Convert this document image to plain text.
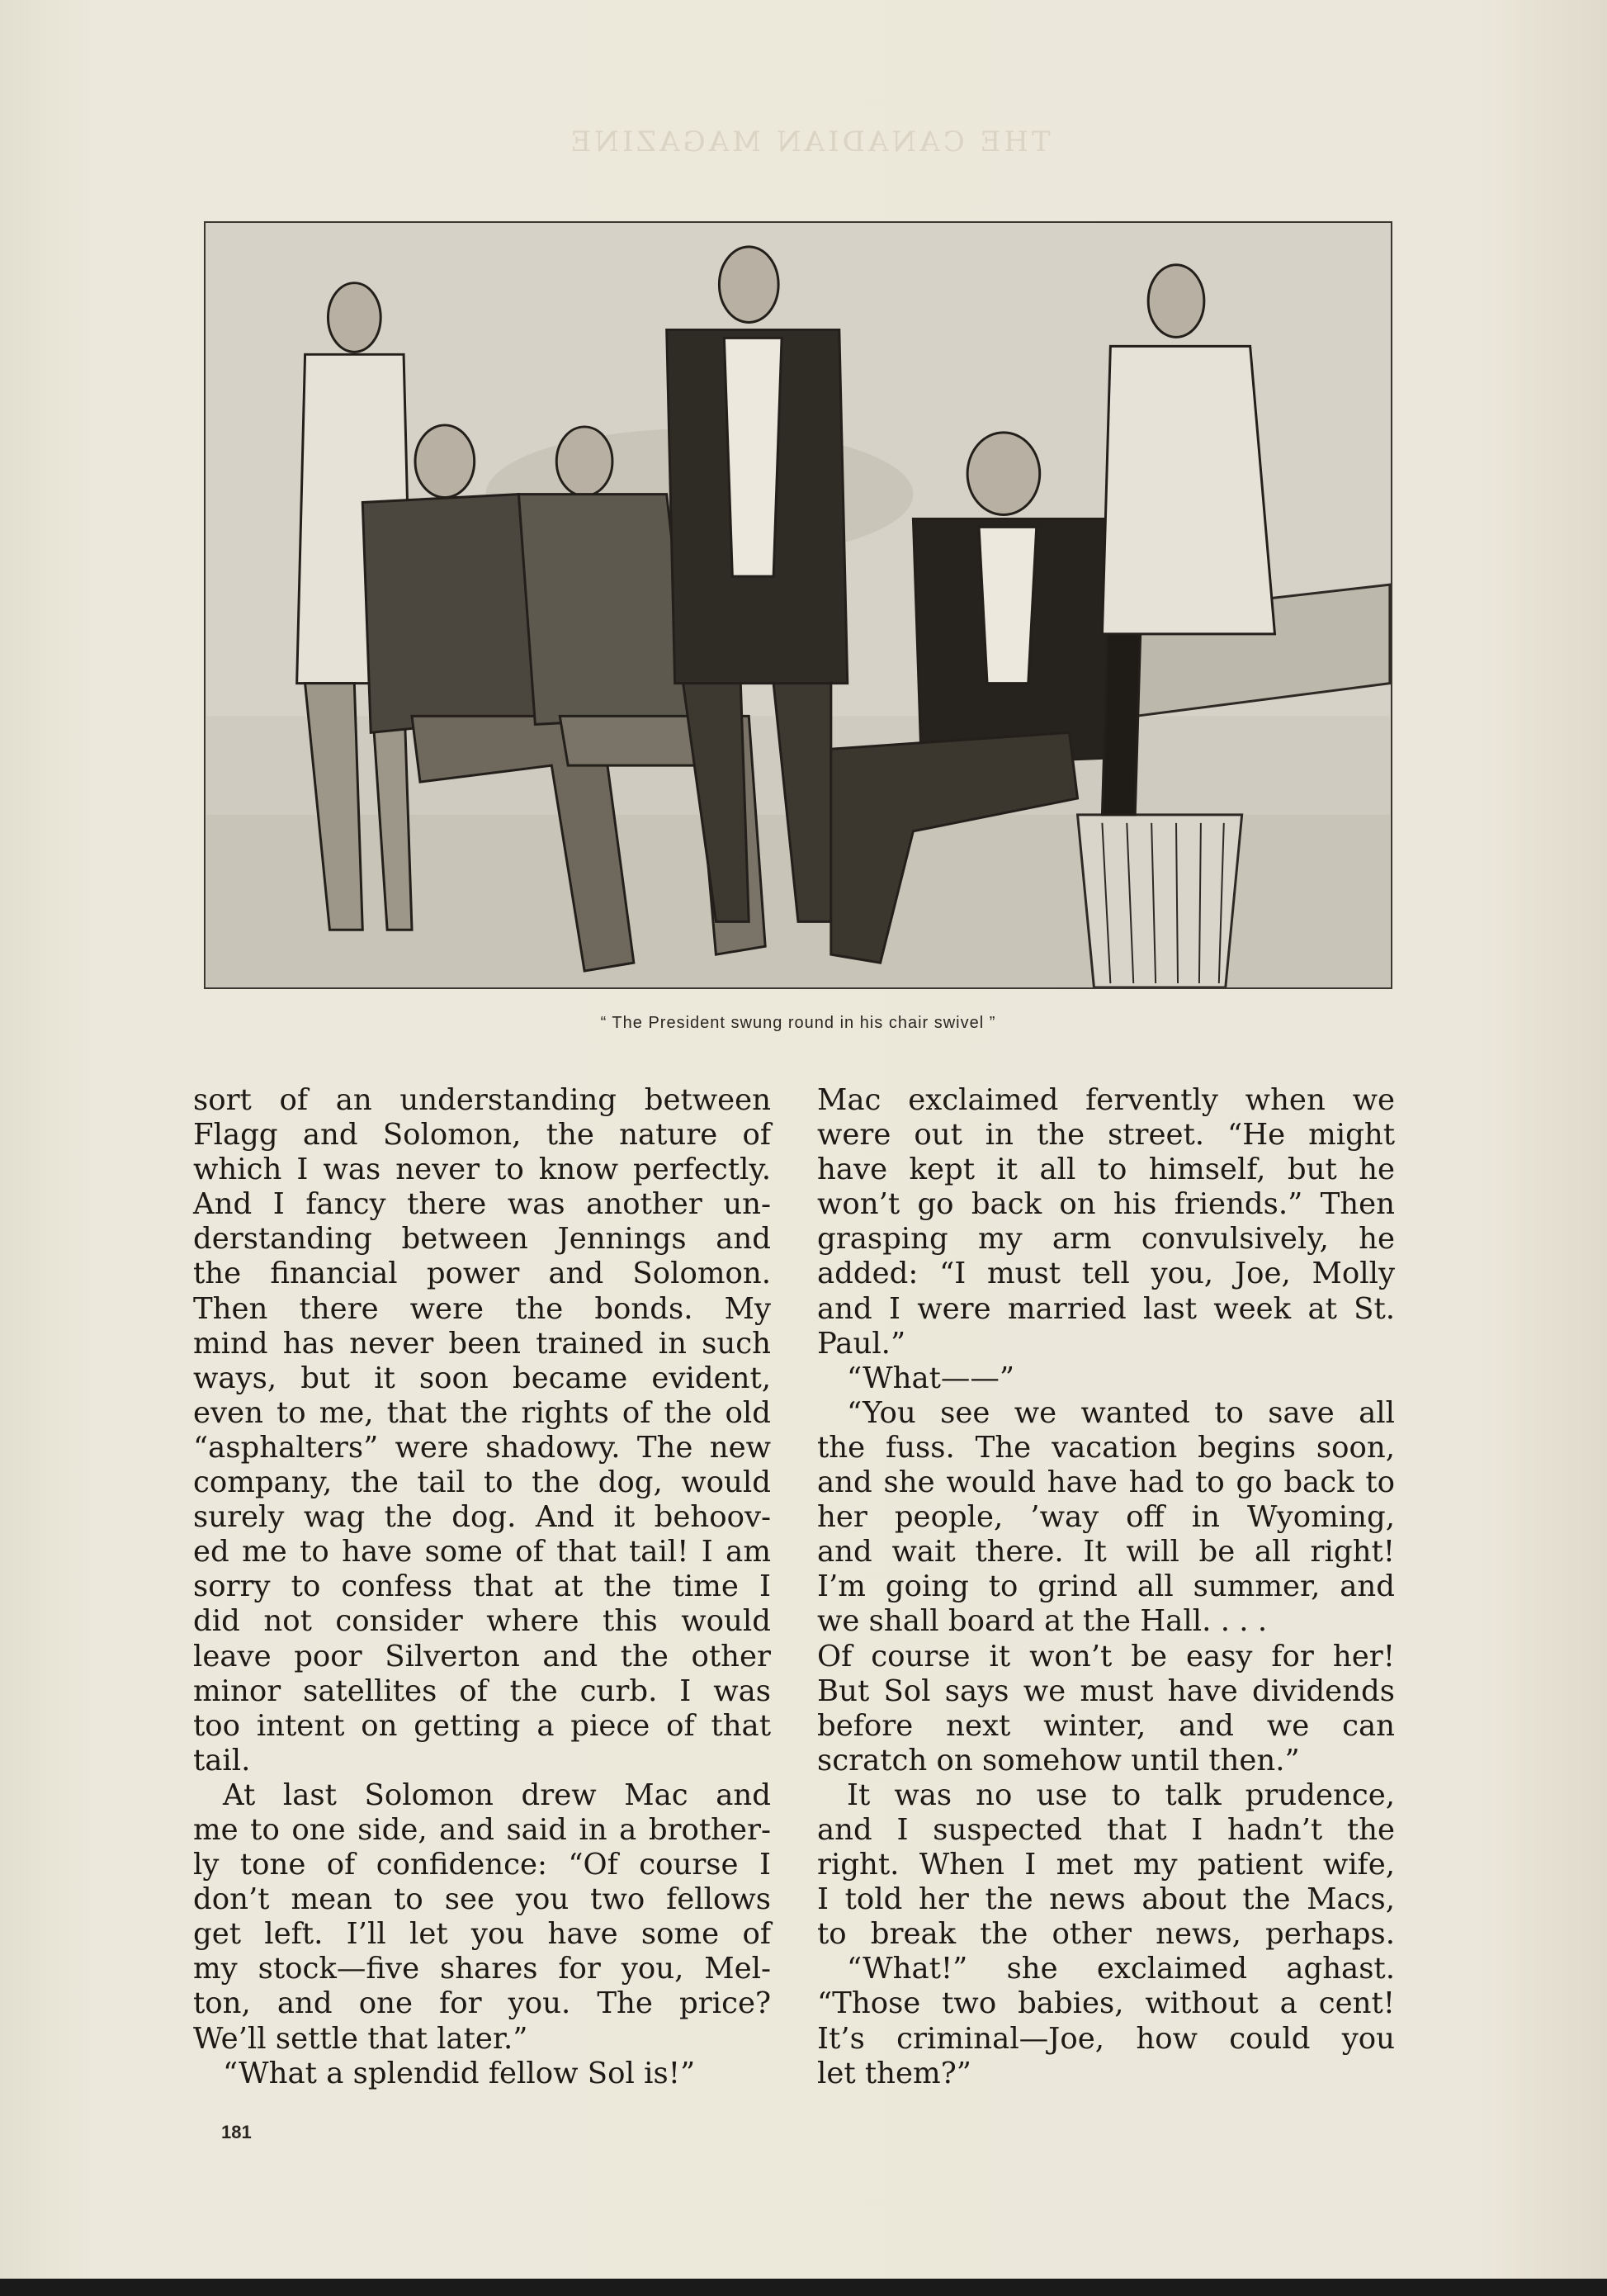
THE CANADIAN MAGAZINE
“ The President swung round in his chair swivel ”
sort of an understanding between
Flagg and Solomon, the nature of
which I was never to know perfectly.
And I fancy there was another un-
derstanding between Jennings and
the financial power and Solomon.
Then there were the bonds. My
mind has never been trained in such
ways, but it soon became evident,
even to me, that the rights of the old
“asphalters” were shadowy. The new
company, the tail to the dog, would
surely wag the dog. And it behoov-
ed me to have some of that tail! I am
sorry to confess that at the time I
did not consider where this would
leave poor Silverton and the other
minor satellites of the curb. I was
too intent on getting a piece of that
tail.
At last Solomon drew Mac and
me to one side, and said in a brother-
ly tone of confidence: “Of course I
don’t mean to see you two fellows
get left. I’ll let you have some of
my stock—five shares for you, Mel-
ton, and one for you. The price?
We’ll settle that later.”
“What a splendid fellow Sol is!”
Mac exclaimed fervently when we
were out in the street. “He might
have kept it all to himself, but he
won’t go back on his friends.” Then
grasping my arm convulsively, he
added: “I must tell you, Joe, Molly
and I were married last week at St.
Paul.”
“What——”
“You see we wanted to save all
the fuss. The vacation begins soon,
and she would have had to go back to
her people, ’way off in Wyoming,
and wait there. It will be all right!
I’m going to grind all summer, and
we shall board at the Hall. . . .
Of course it won’t be easy for her!
But Sol says we must have dividends
before next winter, and we can
scratch on somehow until then.”
It was no use to talk prudence,
and I suspected that I hadn’t the
right. When I met my patient wife,
I told her the news about the Macs,
to break the other news, perhaps.
“What!” she exclaimed aghast.
“Those two babies, without a cent!
It’s criminal—Joe, how could you
let them?”
181
